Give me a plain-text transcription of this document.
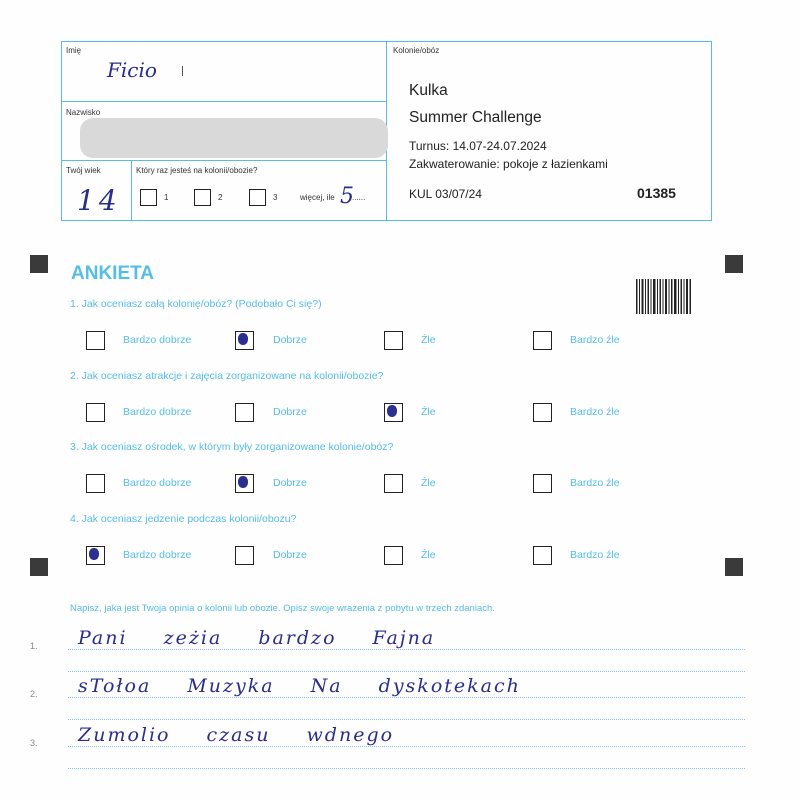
Imię
Ficio
Nazwisko
Twój wiek
14
Który raz jesteś na kolonii/obozie?
1	2	3	więcej, ile 5
......
Kolonie/obóz
Kulka
Summer Challenge
Turnus: 14.07-24.07.2024
Zakwaterowanie: pokoje z łazienkami
KUL 03/07/24	01385
ANKIETA
1. Jak oceniasz całą kolonię/obóz? (Podobało Ci się?)
Bardzo dobrze	Dobrze	Źle	Bardzo źle
2. Jak oceniasz atrakcje i zajęcia zorganizowane na kolonii/obozie?
Bardzo dobrze	Dobrze	Źle	Bardzo źle
3. Jak oceniasz ośrodek, w którym były zorganizowane kolonie/obóz?
Bardzo dobrze	Dobrze	Źle	Bardzo źle
4. Jak oceniasz jedzenie podczas kolonii/obozu?
Bardzo dobrze	Dobrze	Źle	Bardzo źle
Napisz, jaka jest Twoja opinia o kolonii lub obozie. Opisz swoje wrażenia z pobytu w trzech zdaniach.
1. Pani zeżia bardzo Fajna
2. sTołoa Muzyka Na dyskotekach
3. Zumolio czasu wdnego
